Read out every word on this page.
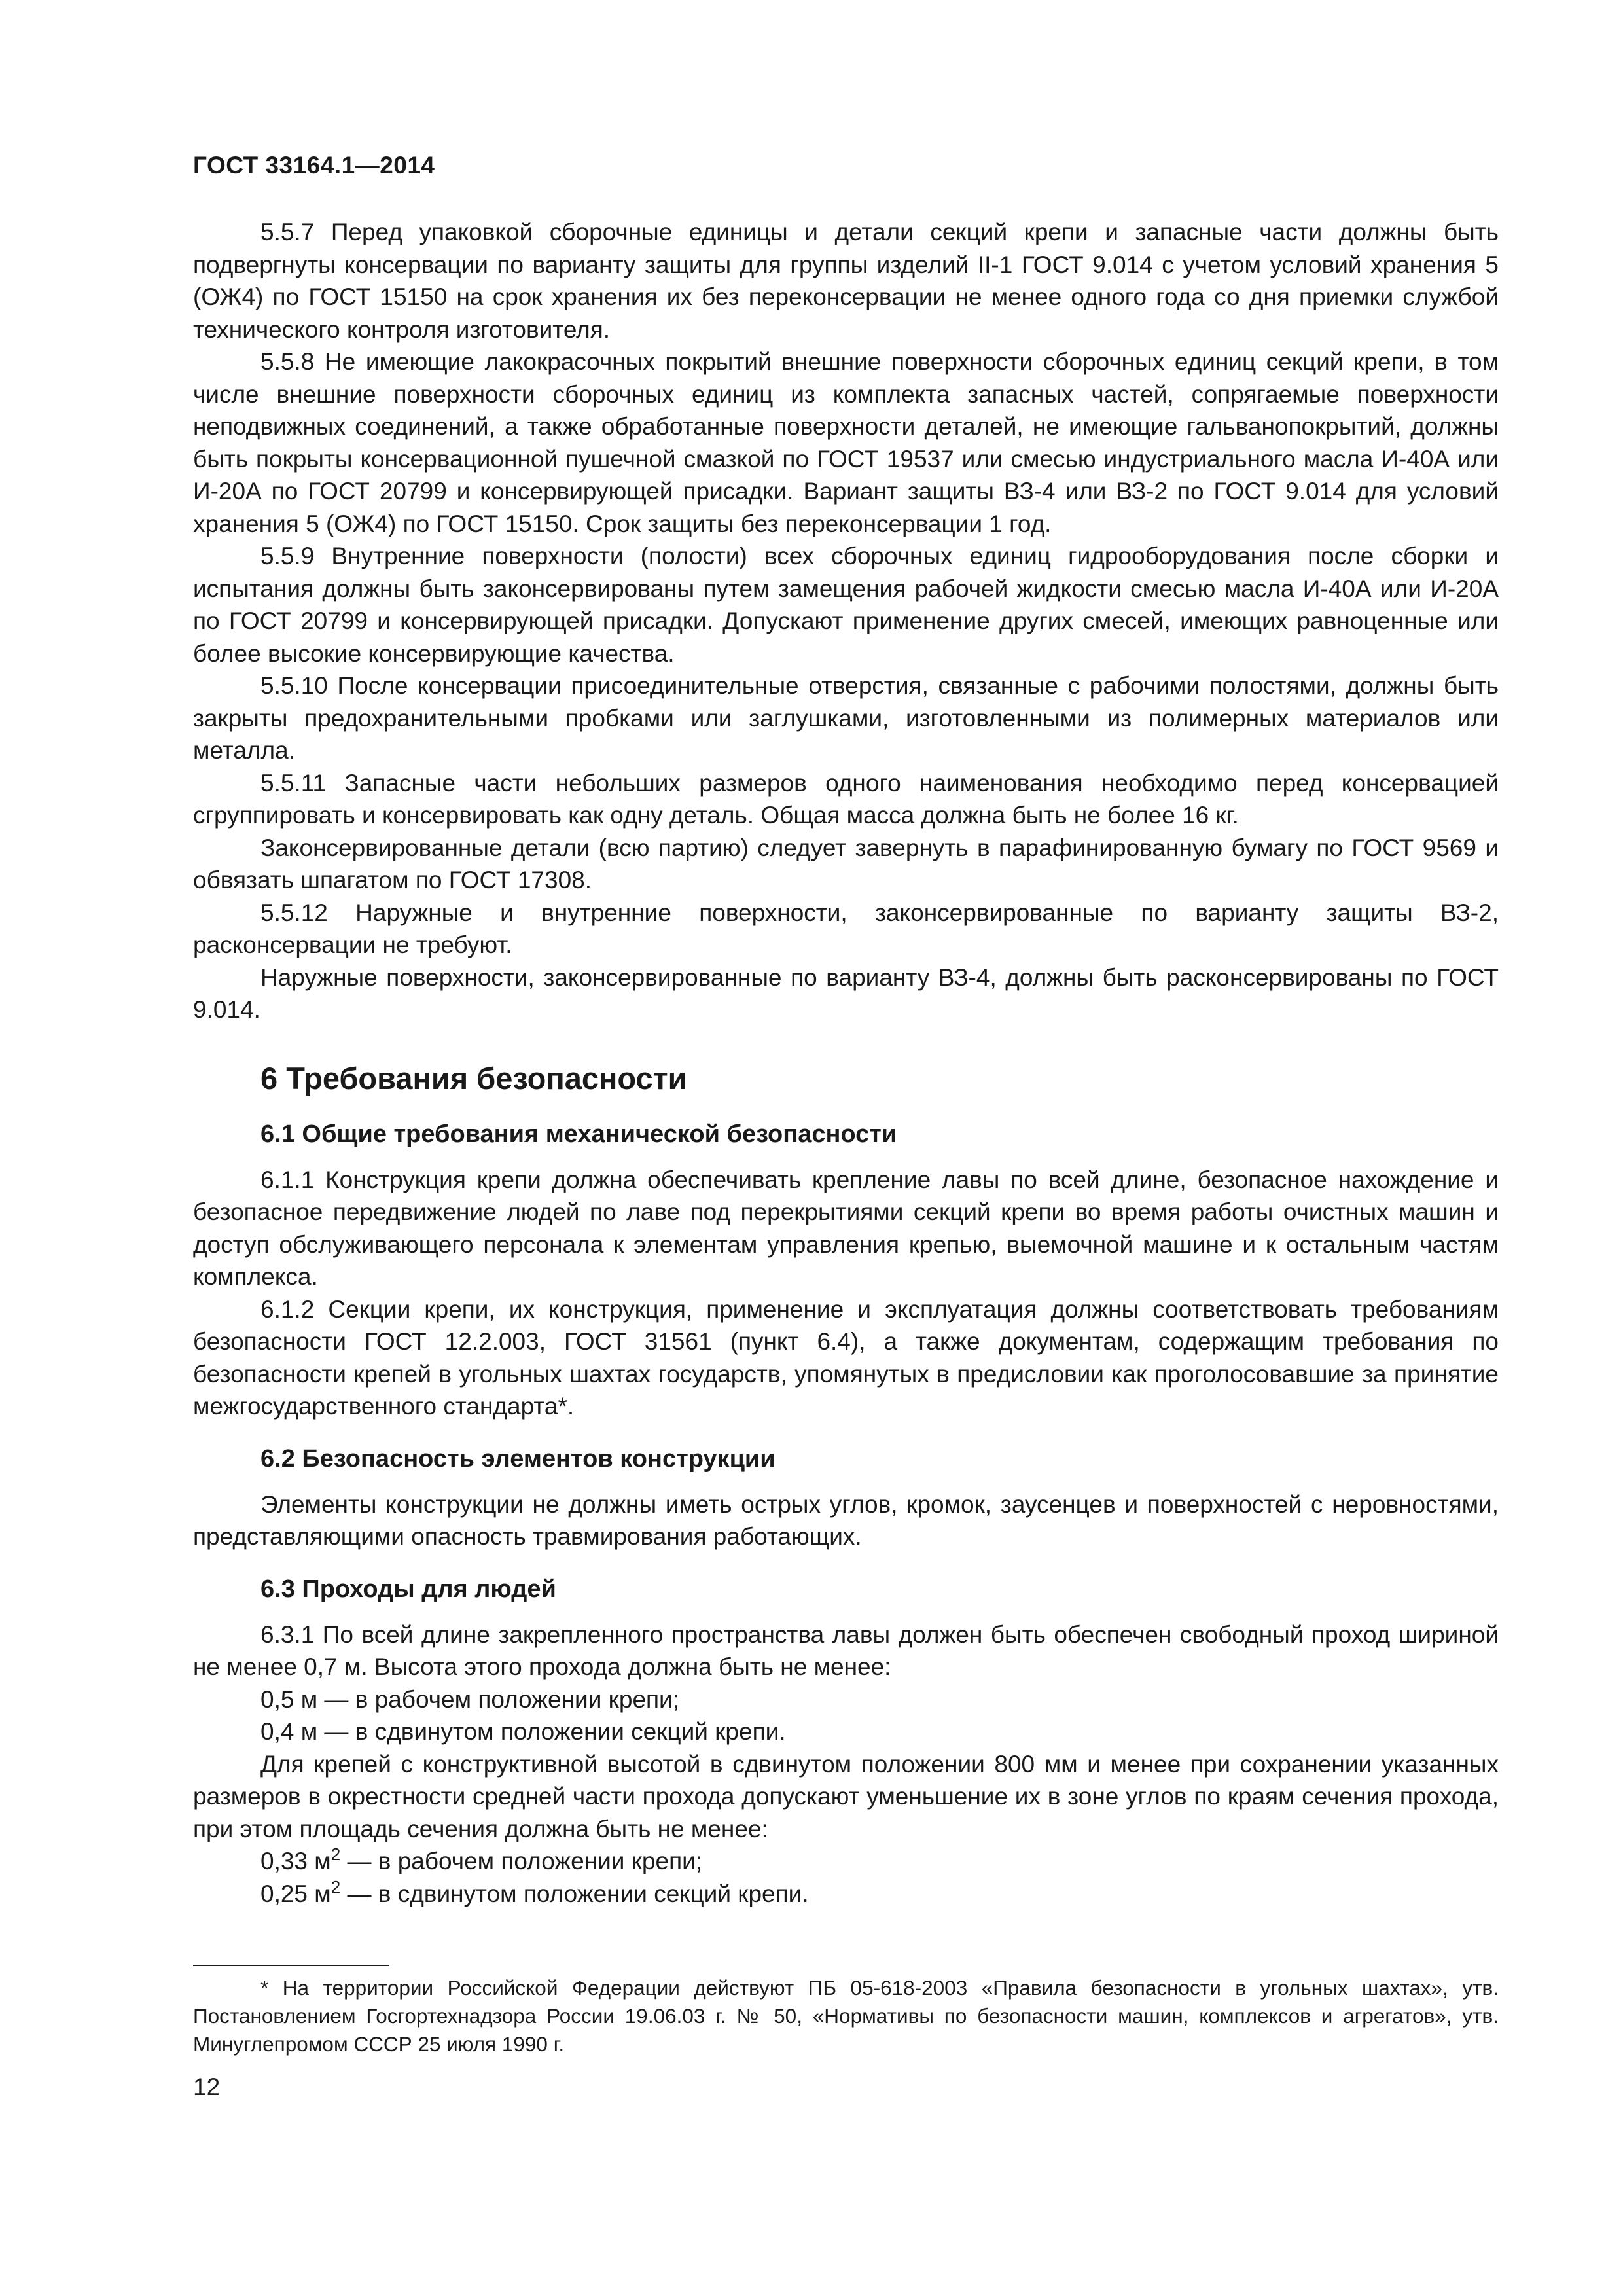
ГОСТ 33164.1—2014

5.5.7 Перед упаковкой сборочные единицы и детали секций крепи и запасные части должны быть подвергнуты консервации по варианту защиты для группы изделий II-1 ГОСТ 9.014 с учетом условий хранения 5 (ОЖ4) по ГОСТ 15150 на срок хранения их без переконсервации не менее одного года со дня приемки службой технического контроля изготовителя.

5.5.8 Не имеющие лакокрасочных покрытий внешние поверхности сборочных единиц секций крепи, в том числе внешние поверхности сборочных единиц из комплекта запасных частей, сопрягаемые поверхности неподвижных соединений, а также обработанные поверхности деталей, не имеющие гальванопокрытий, должны быть покрыты консервационной пушечной смазкой по ГОСТ 19537 или смесью индустриального масла И-40А или И-20А по ГОСТ 20799 и консервирующей присадки. Вариант защиты ВЗ-4 или ВЗ-2 по ГОСТ 9.014 для условий хранения 5 (ОЖ4) по ГОСТ 15150. Срок защиты без переконсервации 1 год.

5.5.9 Внутренние поверхности (полости) всех сборочных единиц гидрооборудования после сборки и испытания должны быть законсервированы путем замещения рабочей жидкости смесью масла И-40А или И-20А по ГОСТ 20799 и консервирующей присадки. Допускают применение других смесей, имеющих равноценные или более высокие консервирующие качества.

5.5.10 После консервации присоединительные отверстия, связанные с рабочими полостями, должны быть закрыты предохранительными пробками или заглушками, изготовленными из полимерных материалов или металла.

5.5.11 Запасные части небольших размеров одного наименования необходимо перед консервацией сгруппировать и консервировать как одну деталь. Общая масса должна быть не более 16 кг.

Законсервированные детали (всю партию) следует завернуть в парафинированную бумагу по ГОСТ 9569 и обвязать шпагатом по ГОСТ 17308.

5.5.12 Наружные и внутренние поверхности, законсервированные по варианту защиты ВЗ-2, расконсервации не требуют.

Наружные поверхности, законсервированные по варианту ВЗ-4, должны быть расконсервированы по ГОСТ 9.014.

6 Требования безопасности
6.1 Общие требования механической безопасности

6.1.1 Конструкция крепи должна обеспечивать крепление лавы по всей длине, безопасное нахождение и безопасное передвижение людей по лаве под перекрытиями секций крепи во время работы очистных машин и доступ обслуживающего персонала к элементам управления крепью, выемочной машине и к остальным частям комплекса.

6.1.2 Секции крепи, их конструкция, применение и эксплуатация должны соответствовать требованиям безопасности ГОСТ 12.2.003, ГОСТ 31561 (пункт 6.4), а также документам, содержащим требования по безопасности крепей в угольных шахтах государств, упомянутых в предисловии как проголосовавшие за принятие межгосударственного стандарта*.

6.2 Безопасность элементов конструкции

Элементы конструкции не должны иметь острых углов, кромок, заусенцев и поверхностей с неровностями, представляющими опасность травмирования работающих.

6.3 Проходы для людей

6.3.1 По всей длине закрепленного пространства лавы должен быть обеспечен свободный проход шириной не менее 0,7 м. Высота этого прохода должна быть не менее:

0,5 м — в рабочем положении крепи;

0,4 м — в сдвинутом положении секций крепи.

Для крепей с конструктивной высотой в сдвинутом положении 800 мм и менее при сохранении указанных размеров в окрестности средней части прохода допускают уменьшение их в зоне углов по краям сечения прохода, при этом площадь сечения должна быть не менее:

0,33 $м^2$ — в рабочем положении крепи;

0,25 $м^2$ — в сдвинутом положении секций крепи.

* На территории Российской Федерации действуют ПБ 05-618-2003 «Правила безопасности в угольных шахтах», утв. Постановлением Госгортехнадзора России 19.06.03 г. № 50, «Нормативы по безопасности машин, комплексов и агрегатов», утв. Минуглепромом СССР 25 июля 1990 г.

12
